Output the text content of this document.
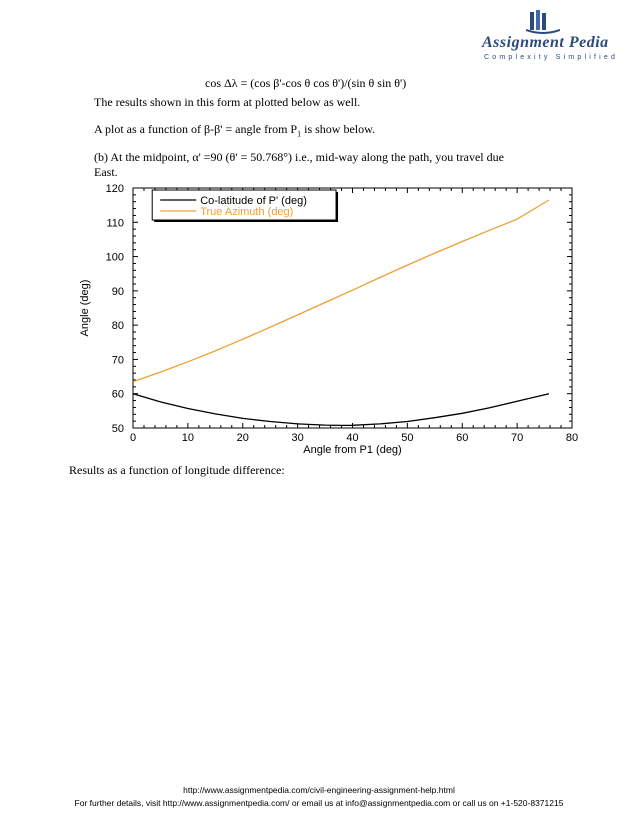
Assignment Pedia
Complexity Simplified
cos Δλ = (cos β'-cos θ cos θ')/(sin θ sin θ')
The results shown in this form at plotted below as well.
A plot as a function of β-β' = angle from $P_1$ is show below.
(b) At the midpoint, α' =90 (θ' = 50.768°) i.e., mid-way along the path, you travel due
East.
Results as a function of longitude difference:
0	10	20	30	40	50	60	70	80
50
60
70
80
90
100
110
120
Co-latitude of P' (deg)
True Azimuth (deg)
Angle from P1 (deg)
Angle (deg)
http://www.assignmentpedia.com/civil-engineering-assignment-help.html
For further details, visit http://www.assignmentpedia.com/ or email us at info@assignmentpedia.com or call us on +1-520-8371215
